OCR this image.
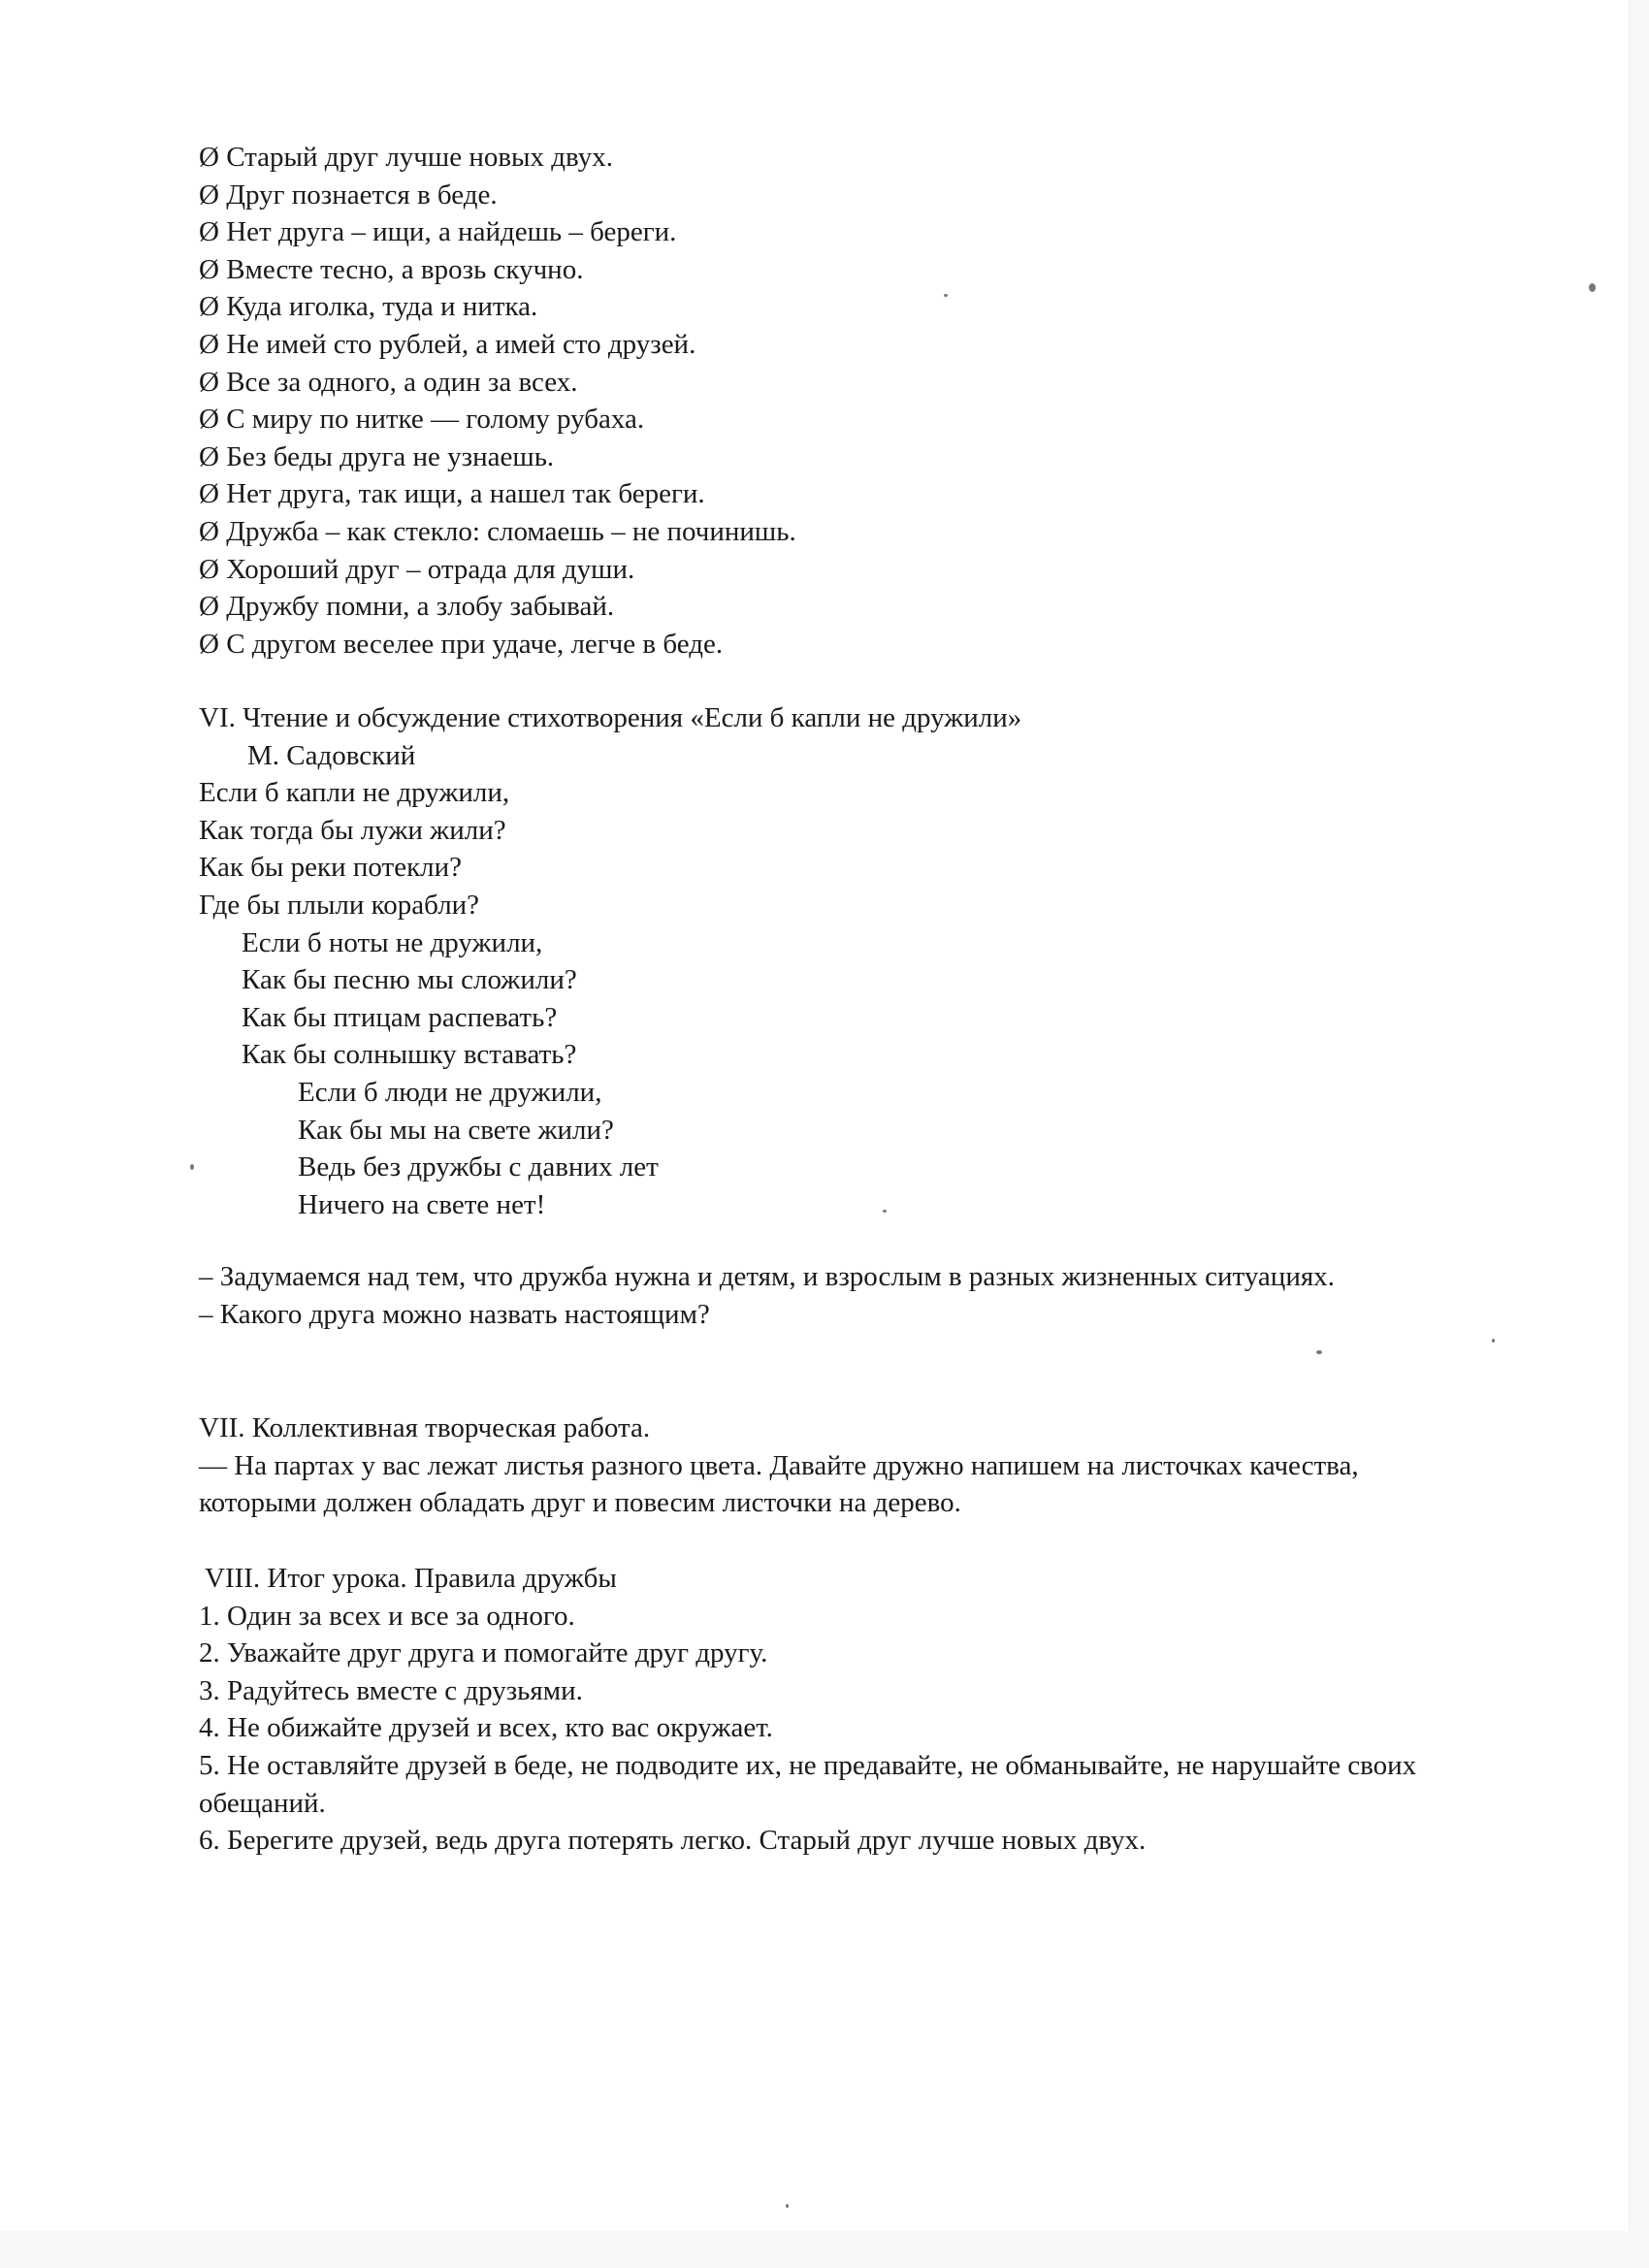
Ø Старый друг лучше новых двух.
Ø Друг познается в беде.
Ø Нет друга – ищи, а найдешь – береги.
Ø Вместе тесно, а врозь скучно.
Ø Куда иголка, туда и нитка.
Ø Не имей сто рублей, а имей сто друзей.
Ø Все за одного, а один за всех.
Ø С миру по нитке — голому рубаха.
Ø Без беды друга не узнаешь.
Ø Нет друга, так ищи, а нашел так береги.
Ø Дружба – как стекло: сломаешь – не починишь.
Ø Хороший друг – отрада для души.
Ø Дружбу помни, а злобу забывай.
Ø С другом веселее при удаче, легче в беде.
VI. Чтение и обсуждение стихотворения «Если б капли не дружили»
М. Садовский
Если б капли не дружили,
Как тогда бы лужи жили?
Как бы реки потекли?
Где бы плыли корабли?
Если б ноты не дружили,
Как бы песню мы сложили?
Как бы птицам распевать?
Как бы солнышку вставать?
Если б люди не дружили,
Как бы мы на свете жили?
Ведь без дружбы с давних лет
Ничего на свете нет!
– Задумаемся над тем, что дружба нужна и детям, и взрослым в разных жизненных ситуациях.
– Какого друга можно назвать настоящим?
VII. Коллективная творческая работа.
— На партах у вас лежат листья разного цвета. Давайте дружно напишем на листочках качества, которыми должен обладать друг и повесим листочки на дерево.
VIII. Итог урока. Правила дружбы
1. Один за всех и все за одного.
2. Уважайте друг друга и помогайте друг другу.
3. Радуйтесь вместе с друзьями.
4. Не обижайте друзей и всех, кто вас окружает.
5. Не оставляйте друзей в беде, не подводите их, не предавайте, не обманывайте, не нарушайте своих обещаний.
6. Берегите друзей, ведь друга потерять легко. Старый друг лучше новых двух.
